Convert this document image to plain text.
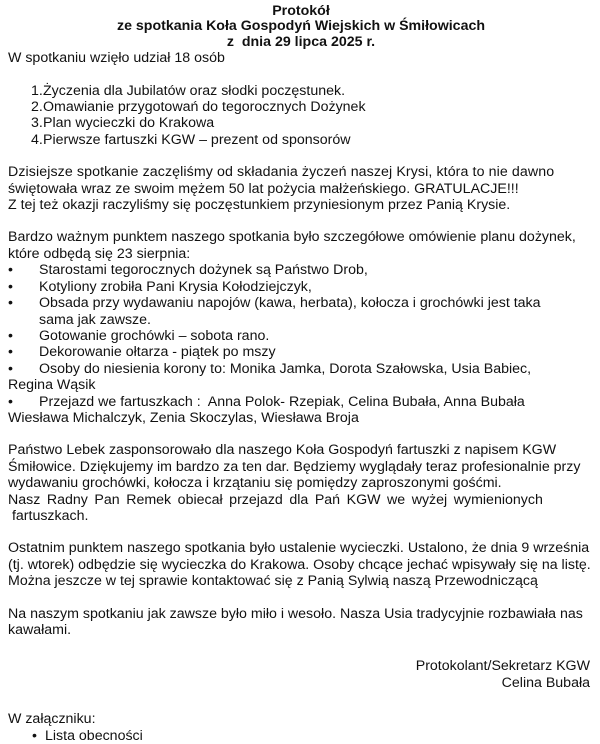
Protokół
ze spotkania Koła Gospodyń Wiejskich w Śmiłowicach
z  dnia 29 lipca 2025 r.

W spotkaniu wzięło udział 18 osób

1. Życzenia dla Jubilatów oraz słodki poczęstunek.
2. Omawianie przygotowań do tegorocznych Dożynek
3. Plan wycieczki do Krakowa
4. Pierwsze fartuszki KGW – prezent od sponsorów
Dzisiejsze spotkanie zaczęliśmy od składania życzeń naszej Krysi, która to nie dawno
świętowała wraz ze swoim mężem 50 lat pożycia małżeńskiego. GRATULACJE!!!
Z tej też okazji raczyliśmy się poczęstunkiem przyniesionym przez Panią Krysie.
Bardzo ważnym punktem naszego spotkania było szczegółowe omówienie planu dożynek,
które odbędą się 23 sierpnia:
• Starostami tegorocznych dożynek są Państwo Drob,
• Kotyliony zrobiła Pani Krysia Kołodziejczyk,
• Obsada przy wydawaniu napojów (kawa, herbata), kołocza i grochówki jest taka
sama jak zawsze.
• Gotowanie grochówki – sobota rano.
• Dekorowanie ołtarza - piątek po mszy
• Osoby do niesienia korony to: Monika Jamka, Dorota Szałowska, Usia Babiec,
Regina Wąsik
• Przejazd we fartuszkach :  Anna Polok- Rzepiak, Celina Bubała, Anna Bubała
Wiesława Michalczyk, Zenia Skoczylas, Wiesława Broja
Państwo Lebek zasponsorowało dla naszego Koła Gospodyń fartuszki z napisem KGW
Śmiłowice. Dziękujemy im bardzo za ten dar. Będziemy wyglądały teraz profesionalnie przy
wydawaniu grochówki, kołocza i krzątaniu się pomiędzy zaproszonymi gośćmi.
Nasz Radny Pan Remek obiecał przejazd dla Pań KGW we wyżej wymienionych
fartuszkach.
Ostatnim punktem naszego spotkania było ustalenie wycieczki. Ustalono, że dnia 9 września
(tj. wtorek) odbędzie się wycieczka do Krakowa. Osoby chcące jechać wpisywały się na listę.
Można jeszcze w tej sprawie kontaktować się z Panią Sylwią naszą Przewodniczącą
Na naszym spotkaniu jak zawsze było miło i wesoło. Nasza Usia tradycyjnie rozbawiała nas
kawałami.
Protokolant/Sekretarz KGW
Celina Bubała
W załączniku:
• Lista obecności
